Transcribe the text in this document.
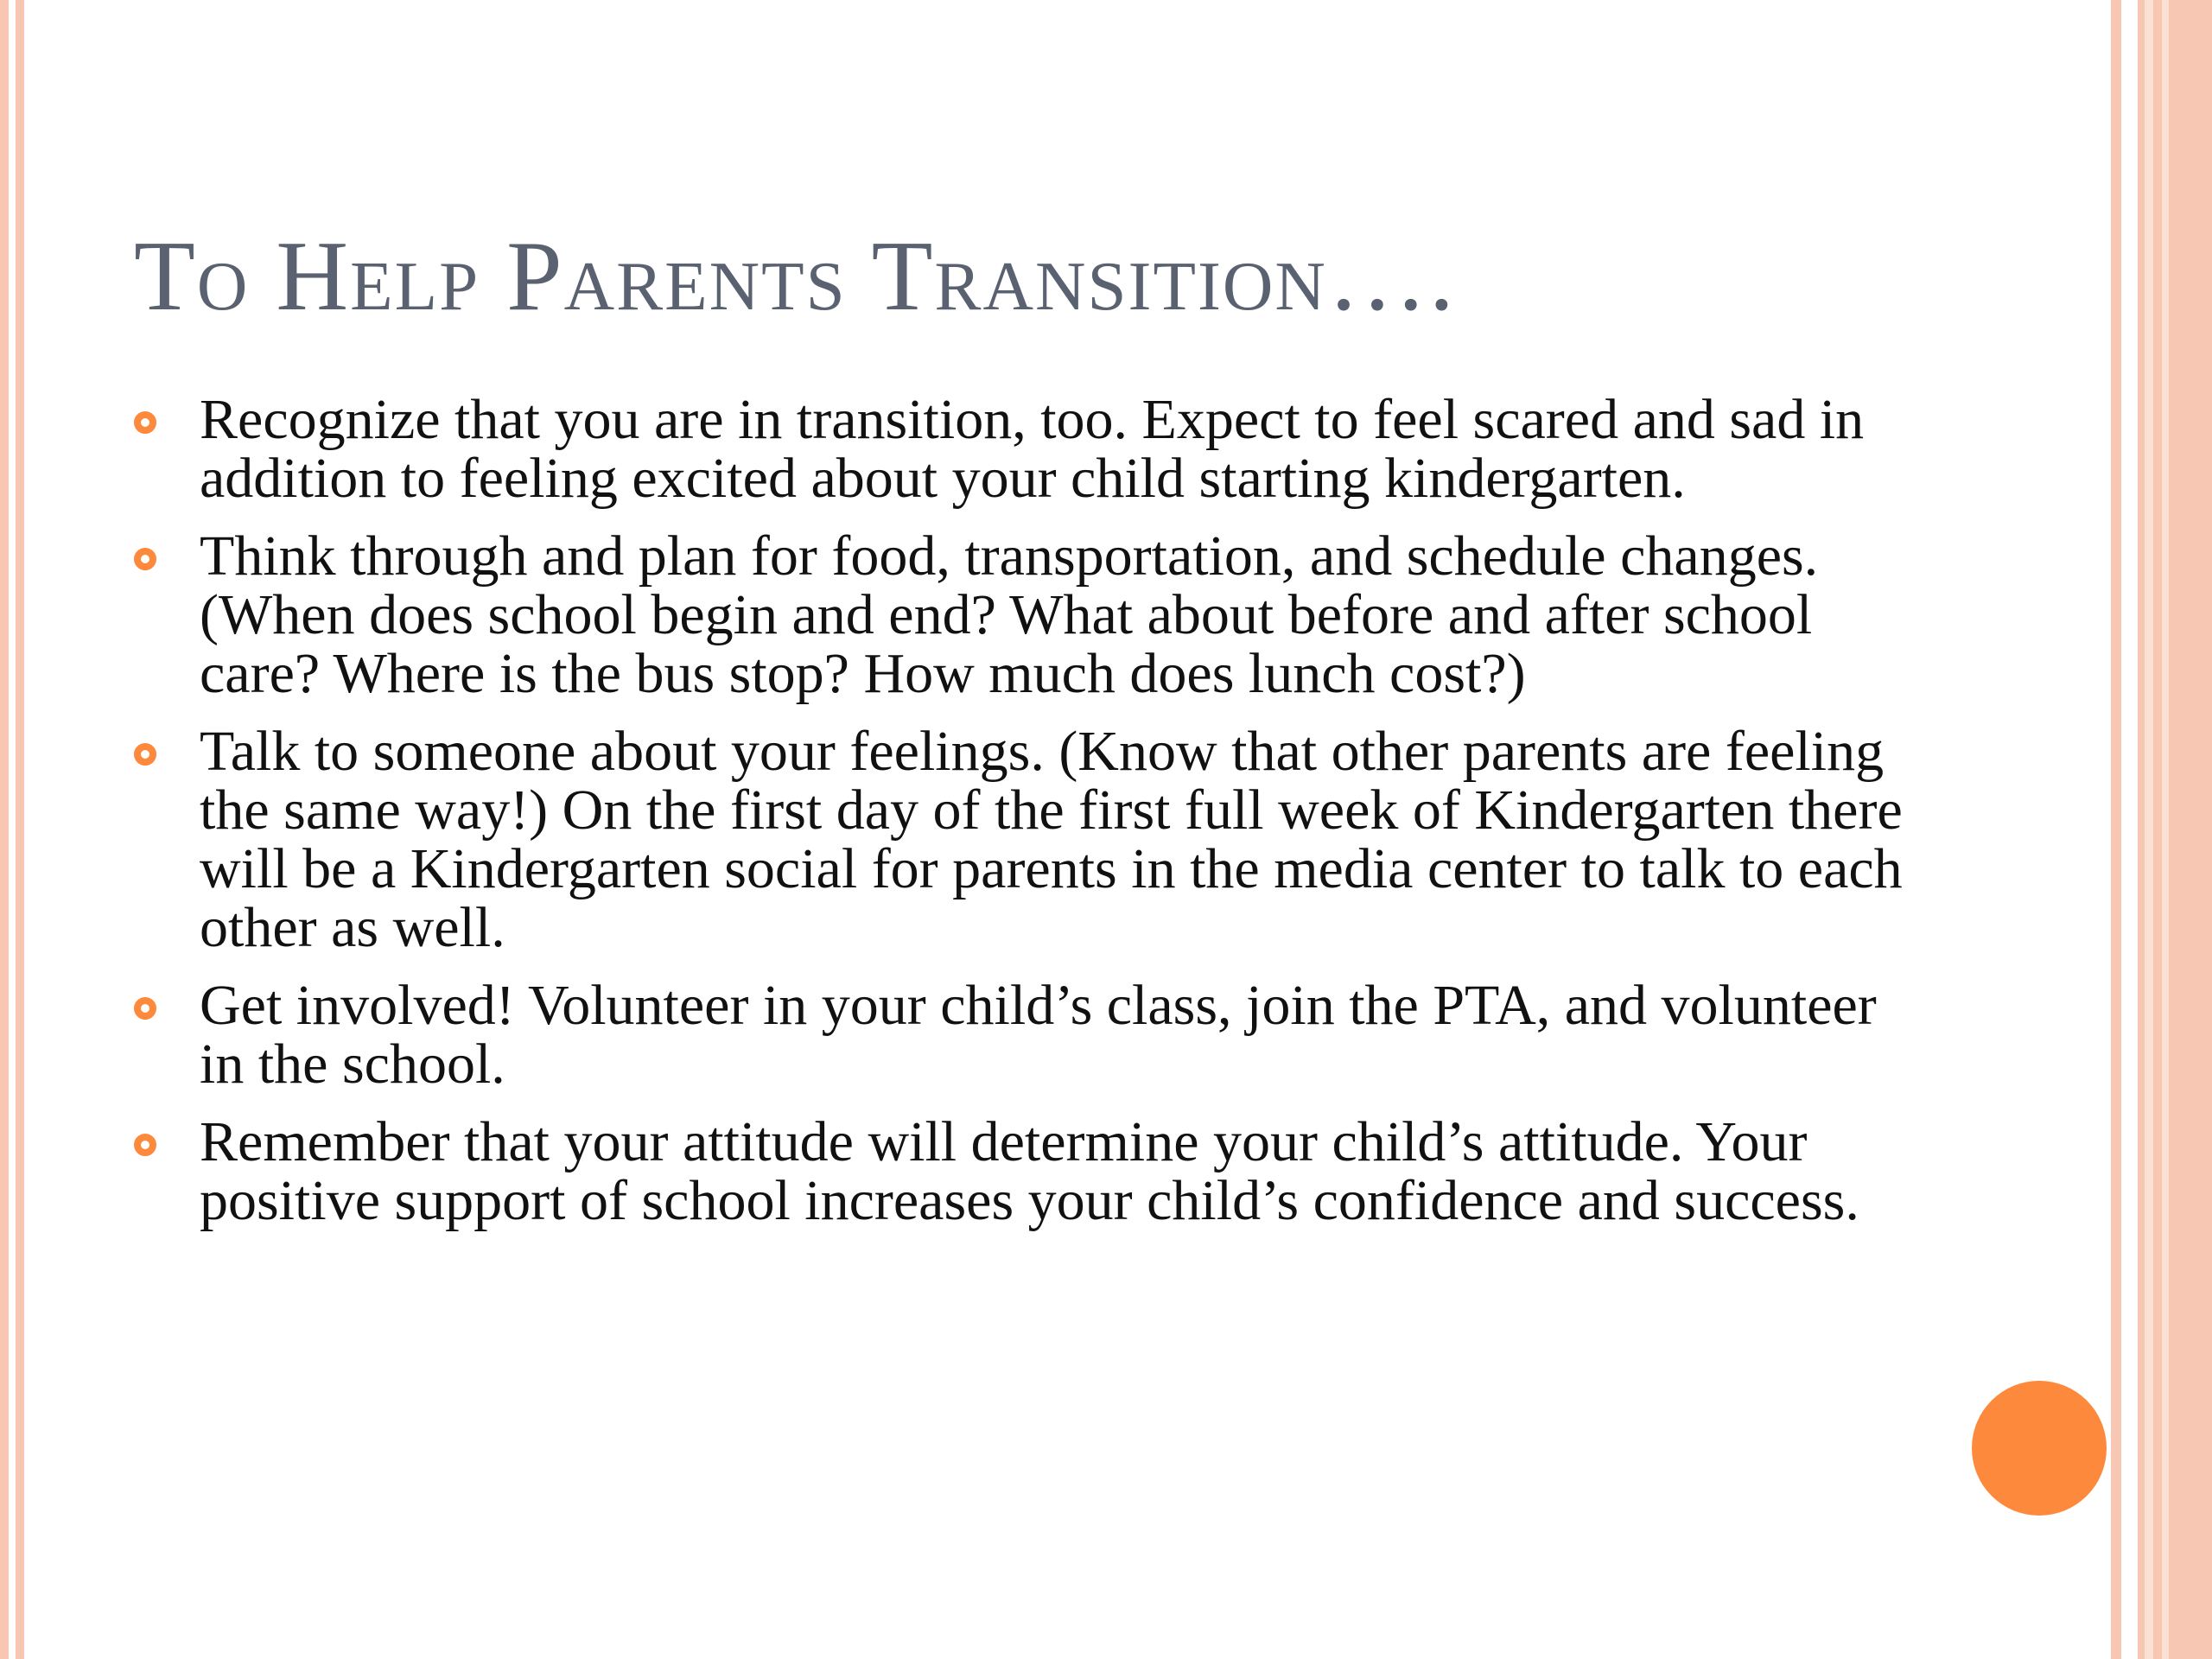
To Help Parents Transition….
Recognize that you are in transition, too. Expect to feel scared and sad in addition to feeling excited about your child starting kindergarten.
Think through and plan for food, transportation, and schedule changes. (When does school begin and end? What about before and after school care? Where is the bus stop? How much does lunch cost?)
Talk to someone about your feelings. (Know that other parents are feeling the same way!) On the first day of the first full week of Kindergarten there will be a Kindergarten social for parents in the media center to talk to each other as well.
Get involved! Volunteer in your child’s class, join the PTA, and volunteer in the school.
Remember that your attitude will determine your child’s attitude. Your positive support of school increases your child’s confidence and success.
